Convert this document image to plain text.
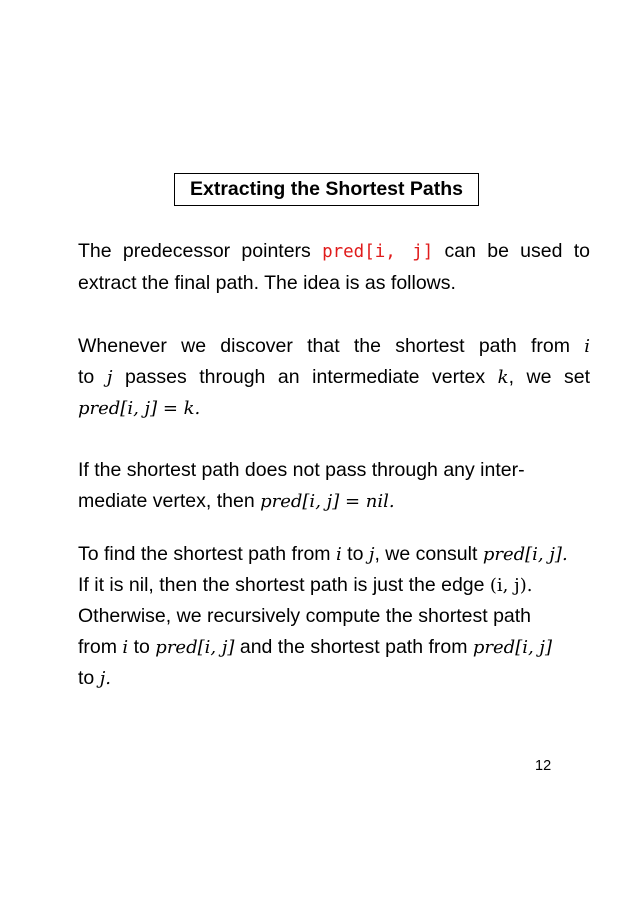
Extracting the Shortest Paths
The predecessor pointers pred[i, j] can be used to
extract the final path. The idea is as follows.
Whenever we discover that the shortest path from i
to j passes through an intermediate vertex k, we set
pred[i, j] = k.
If the shortest path does not pass through any inter-
mediate vertex, then pred[i, j] = nil.
To find the shortest path from i to j, we consult pred[i, j].
If it is nil, then the shortest path is just the edge (i, j).
Otherwise, we recursively compute the shortest path
from i to pred[i, j] and the shortest path from pred[i, j]
to j.
12
